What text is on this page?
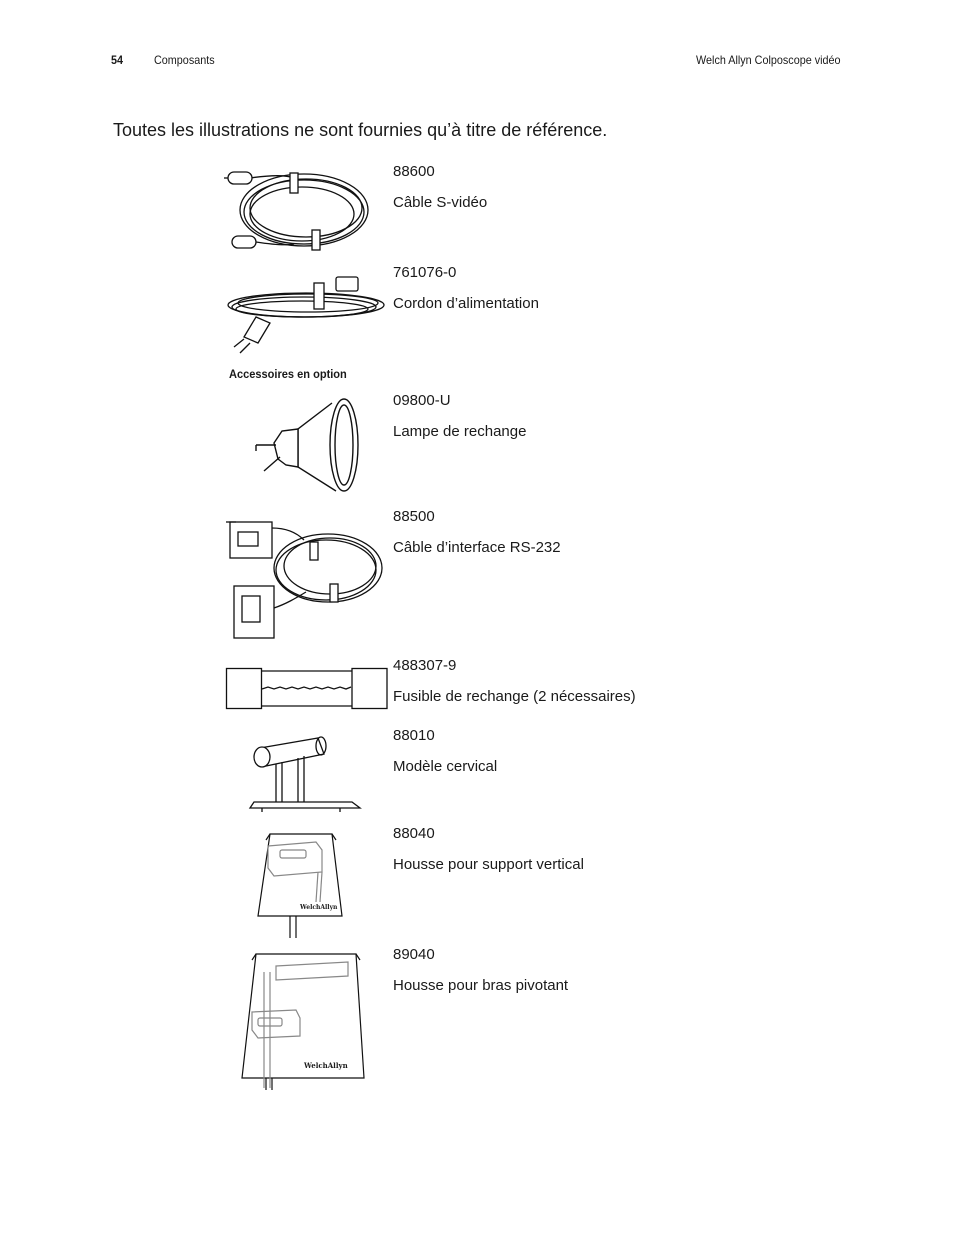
54	Composants	Welch Allyn Colposcope vidéo
Toutes les illustrations ne sont fournies qu’à titre de référence.
88600
Câble S-vidéo
761076-0
Cordon d’alimentation
Accessoires en option
09800-U
Lampe de rechange
88500
Câble d’interface RS-232
488307-9
Fusible de rechange (2 nécessaires)
88010
Modèle cervical
WelchAllyn
88040
Housse pour support vertical
WelchAllyn
89040
Housse pour bras pivotant
